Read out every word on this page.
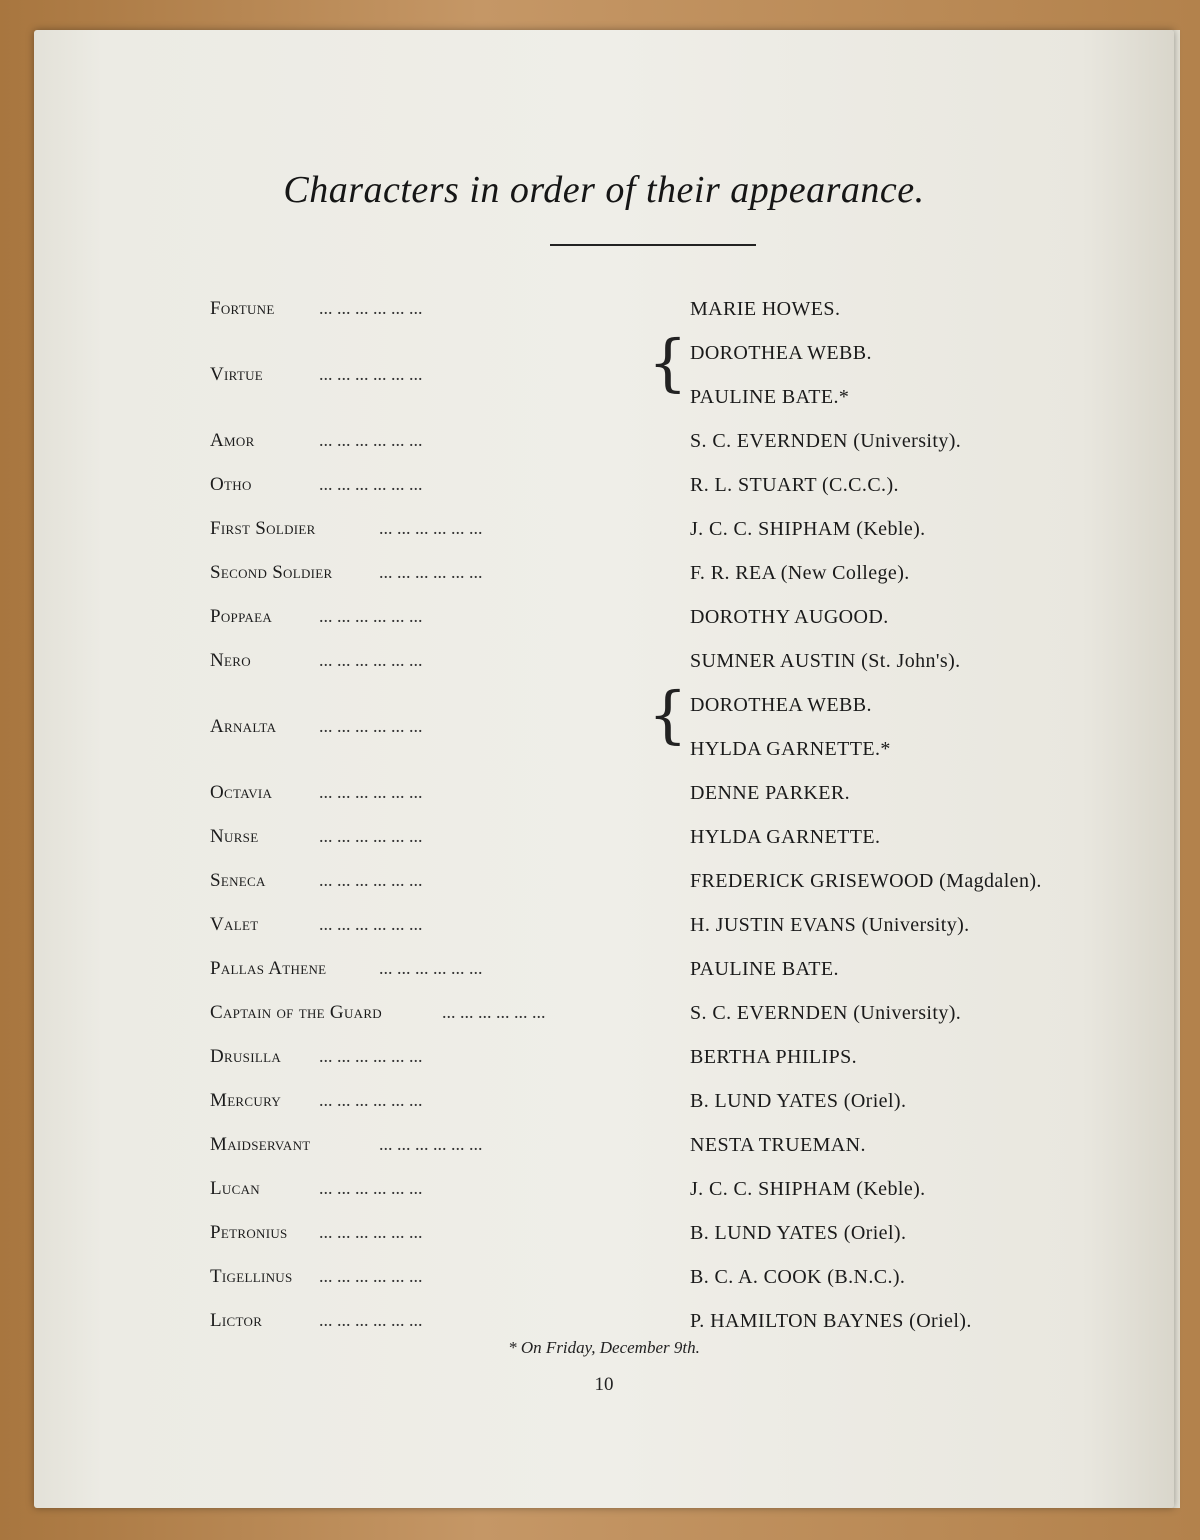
Characters in order of their appearance.
Fortune	... ... ... ... ... ...	MARIE HOWES.
Virtue	... ... ... ... ... ...	{ DOROTHEA WEBB.
PAULINE BATE.*
Amor	... ... ... ... ... ...	S. C. EVERNDEN (University).
Otho	... ... ... ... ... ...	R. L. STUART (C.C.C.).
First Soldier	... ... ... ... ... ...	J. C. C. SHIPHAM (Keble).
Second Soldier	... ... ... ... ... ...	F. R. REA (New College).
Poppaea	... ... ... ... ... ...	DOROTHY AUGOOD.
Nero	... ... ... ... ... ...	SUMNER AUSTIN (St. John's).
Arnalta	... ... ... ... ... ...	{ DOROTHEA WEBB.
HYLDA GARNETTE.*
Octavia	... ... ... ... ... ...	DENNE PARKER.
Nurse	... ... ... ... ... ...	HYLDA GARNETTE.
Seneca	... ... ... ... ... ...	FREDERICK GRISEWOOD (Magdalen).
Valet	... ... ... ... ... ...	H. JUSTIN EVANS (University).
Pallas Athene	... ... ... ... ... ...	PAULINE BATE.
Captain of the Guard	... ... ... ... ... ...	S. C. EVERNDEN (University).
Drusilla	... ... ... ... ... ...	BERTHA PHILIPS.
Mercury	... ... ... ... ... ...	B. LUND YATES (Oriel).
Maidservant	... ... ... ... ... ...	NESTA TRUEMAN.
Lucan	... ... ... ... ... ...	J. C. C. SHIPHAM (Keble).
Petronius	... ... ... ... ... ...	B. LUND YATES (Oriel).
Tigellinus	... ... ... ... ... ...	B. C. A. COOK (B.N.C.).
Lictor	... ... ... ... ... ...	P. HAMILTON BAYNES (Oriel).
* On Friday, December 9th.
10
